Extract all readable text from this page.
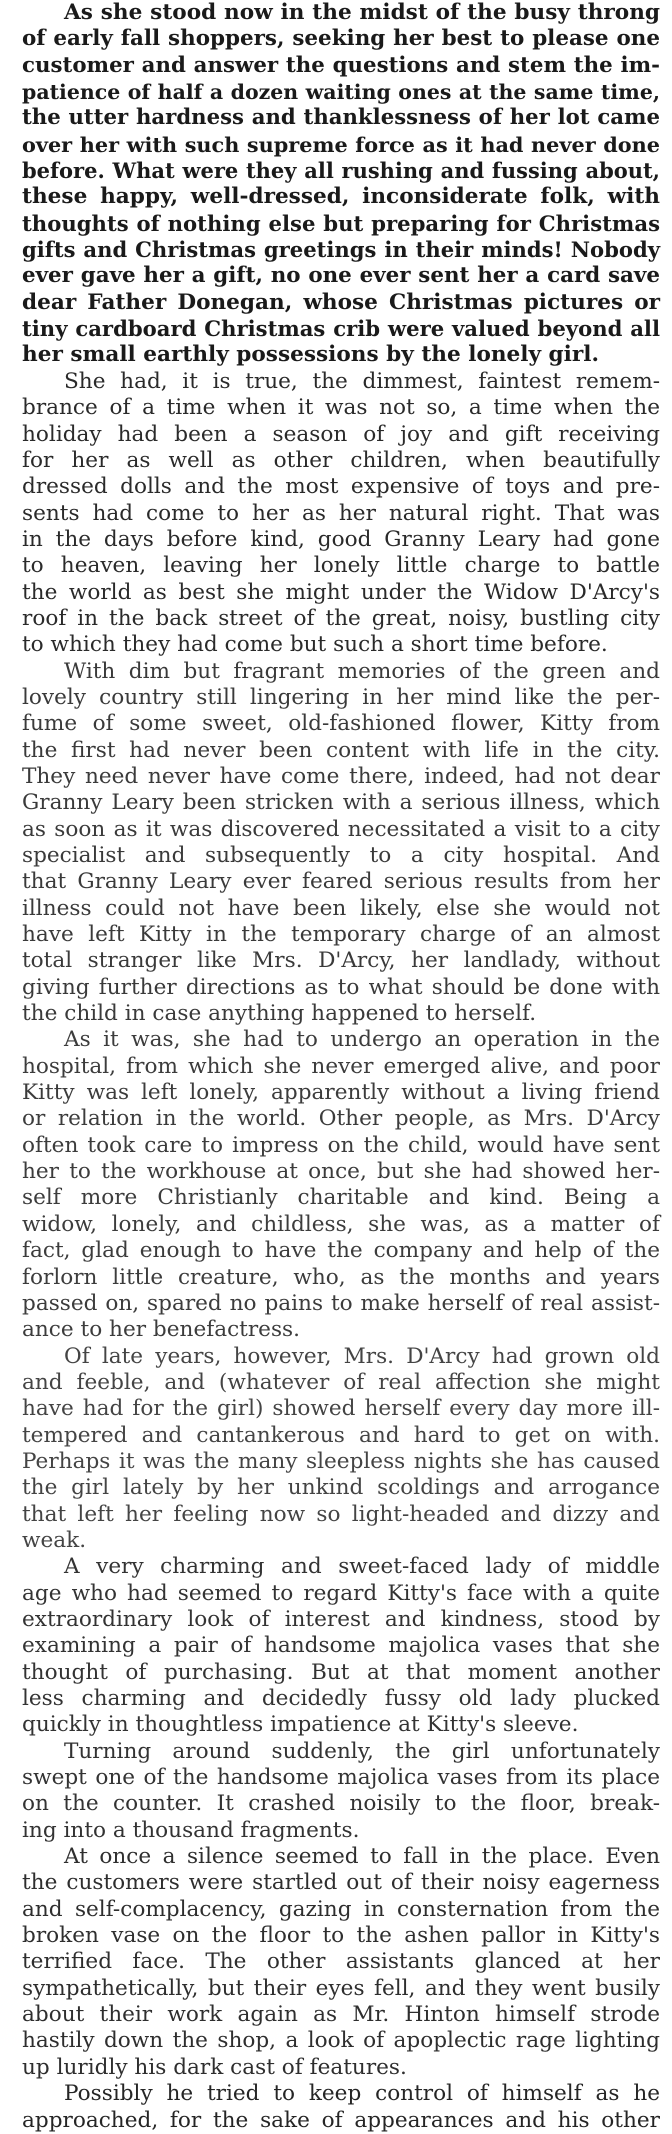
As she stood now in the midst of the busy throng
of early fall shoppers, seeking her best to please one
customer and answer the questions and stem the im-
patience of half a dozen waiting ones at the same time,
the utter hardness and thanklessness of her lot came
over her with such supreme force as it had never done
before. What were they all rushing and fussing about,
these happy, well-dressed, inconsiderate folk, with
thoughts of nothing else but preparing for Christmas
gifts and Christmas greetings in their minds! Nobody
ever gave her a gift, no one ever sent her a card save
dear Father Donegan, whose Christmas pictures or
tiny cardboard Christmas crib were valued beyond all
her small earthly possessions by the lonely girl.
She had, it is true, the dimmest, faintest remem-
brance of a time when it was not so, a time when the
holiday had been a season of joy and gift receiving
for her as well as other children, when beautifully
dressed dolls and the most expensive of toys and pre-
sents had come to her as her natural right. That was
in the days before kind, good Granny Leary had gone
to heaven, leaving her lonely little charge to battle
the world as best she might under the Widow D'Arcy's
roof in the back street of the great, noisy, bustling city
to which they had come but such a short time before.
With dim but fragrant memories of the green and
lovely country still lingering in her mind like the per-
fume of some sweet, old-fashioned flower, Kitty from
the first had never been content with life in the city.
They need never have come there, indeed, had not dear
Granny Leary been stricken with a serious illness, which
as soon as it was discovered necessitated a visit to a city
specialist and subsequently to a city hospital. And
that Granny Leary ever feared serious results from her
illness could not have been likely, else she would not
have left Kitty in the temporary charge of an almost
total stranger like Mrs. D'Arcy, her landlady, without
giving further directions as to what should be done with
the child in case anything happened to herself.
As it was, she had to undergo an operation in the
hospital, from which she never emerged alive, and poor
Kitty was left lonely, apparently without a living friend
or relation in the world. Other people, as Mrs. D'Arcy
often took care to impress on the child, would have sent
her to the workhouse at once, but she had showed her-
self more Christianly charitable and kind. Being a
widow, lonely, and childless, she was, as a matter of
fact, glad enough to have the company and help of the
forlorn little creature, who, as the months and years
passed on, spared no pains to make herself of real assist-
ance to her benefactress.
Of late years, however, Mrs. D'Arcy had grown old
and feeble, and (whatever of real affection she might
have had for the girl) showed herself every day more ill-
tempered and cantankerous and hard to get on with.
Perhaps it was the many sleepless nights she has caused
the girl lately by her unkind scoldings and arrogance
that left her feeling now so light-headed and dizzy and
weak.
A very charming and sweet-faced lady of middle
age who had seemed to regard Kitty's face with a quite
extraordinary look of interest and kindness, stood by
examining a pair of handsome majolica vases that she
thought of purchasing. But at that moment another
less charming and decidedly fussy old lady plucked
quickly in thoughtless impatience at Kitty's sleeve.
Turning around suddenly, the girl unfortunately
swept one of the handsome majolica vases from its place
on the counter. It crashed noisily to the floor, break-
ing into a thousand fragments.
At once a silence seemed to fall in the place. Even
the customers were startled out of their noisy eagerness
and self-complacency, gazing in consternation from the
broken vase on the floor to the ashen pallor in Kitty's
terrified face. The other assistants glanced at her
sympathetically, but their eyes fell, and they went busily
about their work again as Mr. Hinton himself strode
hastily down the shop, a look of apoplectic rage lighting
up luridly his dark cast of features.
Possibly he tried to keep control of himself as he
approached, for the sake of appearances and his other
